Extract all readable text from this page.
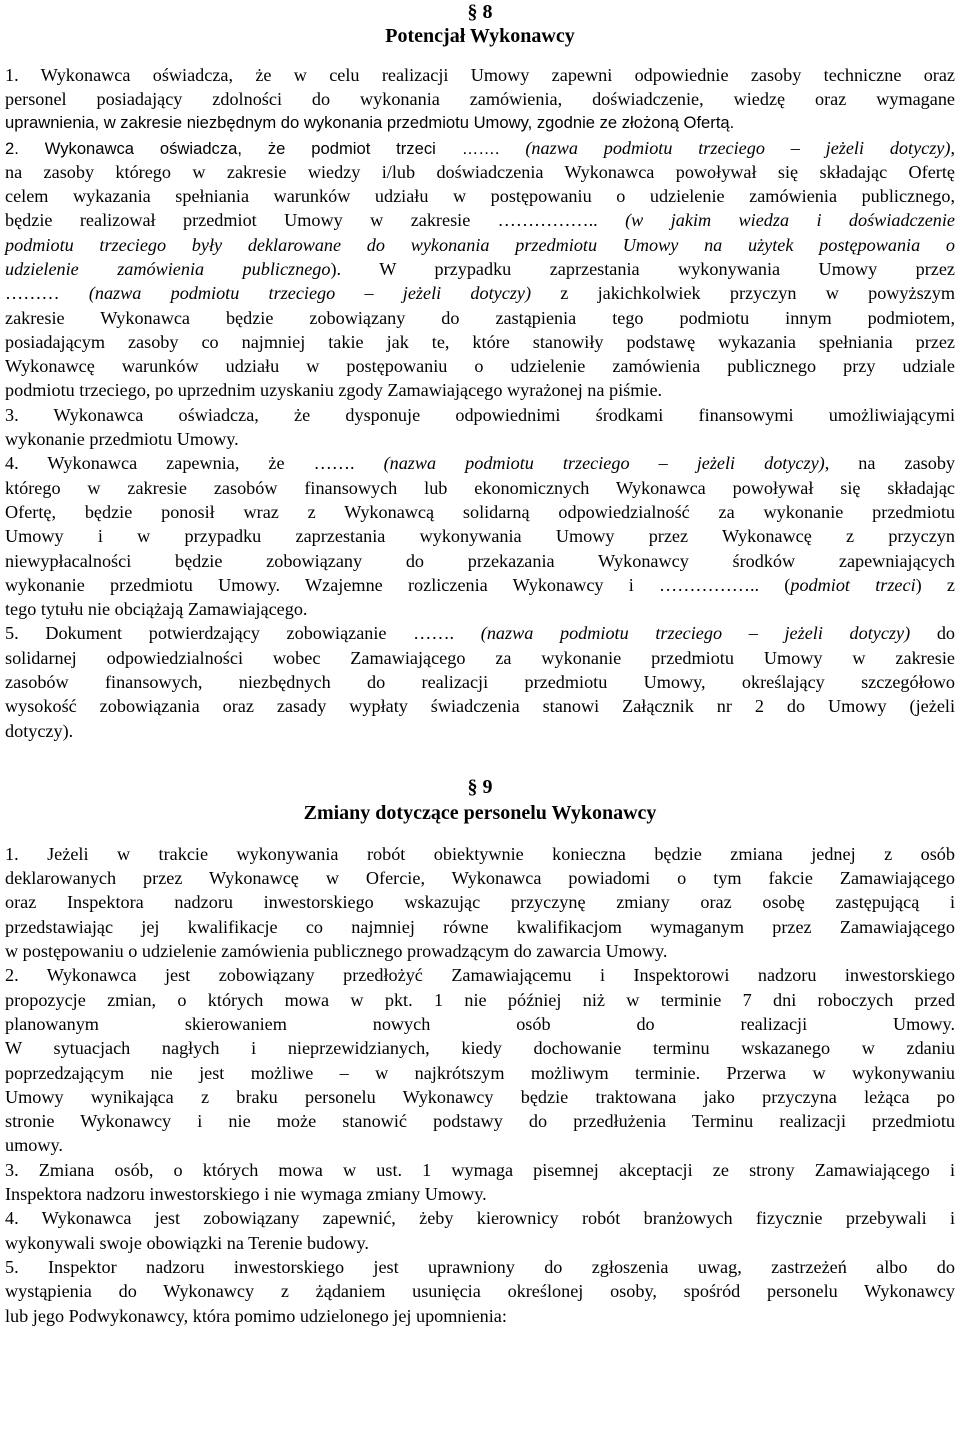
§ 8
Potencjał Wykonawcy
1. Wykonawca oświadcza, że w celu realizacji Umowy zapewni odpowiednie zasoby techniczne oraz
personel posiadający zdolności do wykonania zamówienia, doświadczenie, wiedzę oraz wymagane
uprawnienia, w zakresie niezbędnym do wykonania przedmiotu Umowy, zgodnie ze złożoną Ofertą.
2. Wykonawca oświadcza, że podmiot trzeci ……. (nazwa podmiotu trzeciego – jeżeli dotyczy),
na zasoby którego w zakresie wiedzy i/lub doświadczenia Wykonawca powoływał się składając Ofertę
celem wykazania spełniania warunków udziału w postępowaniu o udzielenie zamówienia publicznego,
będzie realizował przedmiot Umowy w zakresie …………….. (w jakim wiedza i doświadczenie
podmiotu trzeciego były deklarowane do wykonania przedmiotu Umowy na użytek postępowania o
udzielenie zamówienia publicznego). W przypadku zaprzestania wykonywania Umowy przez
……… (nazwa podmiotu trzeciego – jeżeli dotyczy) z jakichkolwiek przyczyn w powyższym
zakresie Wykonawca będzie zobowiązany do zastąpienia tego podmiotu innym podmiotem,
posiadającym zasoby co najmniej takie jak te, które stanowiły podstawę wykazania spełniania przez
Wykonawcę warunków udziału w postępowaniu o udzielenie zamówienia publicznego przy udziale
podmiotu trzeciego, po uprzednim uzyskaniu zgody Zamawiającego wyrażonej na piśmie.
3. Wykonawca oświadcza, że dysponuje odpowiednimi środkami finansowymi umożliwiającymi
wykonanie przedmiotu Umowy.
4. Wykonawca zapewnia, że ……. (nazwa podmiotu trzeciego – jeżeli dotyczy), na zasoby
którego w zakresie zasobów finansowych lub ekonomicznych Wykonawca powoływał się składając
Ofertę, będzie ponosił wraz z Wykonawcą solidarną odpowiedzialność za wykonanie przedmiotu
Umowy i w przypadku zaprzestania wykonywania Umowy przez Wykonawcę z przyczyn
niewypłacalności będzie zobowiązany do przekazania Wykonawcy środków zapewniających
wykonanie przedmiotu Umowy. Wzajemne rozliczenia Wykonawcy i …………….. (podmiot trzeci) z
tego tytułu nie obciążają Zamawiającego.
5. Dokument potwierdzający zobowiązanie ……. (nazwa podmiotu trzeciego – jeżeli dotyczy) do
solidarnej odpowiedzialności wobec Zamawiającego za wykonanie przedmiotu Umowy w zakresie
zasobów finansowych, niezbędnych do realizacji przedmiotu Umowy, określający szczegółowo
wysokość zobowiązania oraz zasady wypłaty świadczenia stanowi Załącznik nr 2 do Umowy (jeżeli
dotyczy).
§ 9
Zmiany dotyczące personelu Wykonawcy
1. Jeżeli w trakcie wykonywania robót obiektywnie konieczna będzie zmiana jednej z osób
deklarowanych przez Wykonawcę w Ofercie, Wykonawca powiadomi o tym fakcie Zamawiającego
oraz Inspektora nadzoru inwestorskiego wskazując przyczynę zmiany oraz osobę zastępującą i
przedstawiając jej kwalifikacje co najmniej równe kwalifikacjom wymaganym przez Zamawiającego
w postępowaniu o udzielenie zamówienia publicznego prowadzącym do zawarcia Umowy.
2. Wykonawca jest zobowiązany przedłożyć Zamawiającemu i Inspektorowi nadzoru inwestorskiego
propozycje zmian, o których mowa w pkt. 1 nie później niż w terminie 7 dni roboczych przed
planowanym skierowaniem nowych osób do realizacji Umowy.
W sytuacjach nagłych i nieprzewidzianych, kiedy dochowanie terminu wskazanego w zdaniu
poprzedzającym nie jest możliwe – w najkrótszym możliwym terminie. Przerwa w wykonywaniu
Umowy wynikająca z braku personelu Wykonawcy będzie traktowana jako przyczyna leżąca po
stronie Wykonawcy i nie może stanowić podstawy do przedłużenia Terminu realizacji przedmiotu
umowy.
3. Zmiana osób, o których mowa w ust. 1 wymaga pisemnej akceptacji ze strony Zamawiającego i
Inspektora nadzoru inwestorskiego i nie wymaga zmiany Umowy.
4. Wykonawca jest zobowiązany zapewnić, żeby kierownicy robót branżowych fizycznie przebywali i
wykonywali swoje obowiązki na Terenie budowy.
5. Inspektor nadzoru inwestorskiego jest uprawniony do zgłoszenia uwag, zastrzeżeń albo do
wystąpienia do Wykonawcy z żądaniem usunięcia określonej osoby, spośród personelu Wykonawcy
lub jego Podwykonawcy, która pomimo udzielonego jej upomnienia:
